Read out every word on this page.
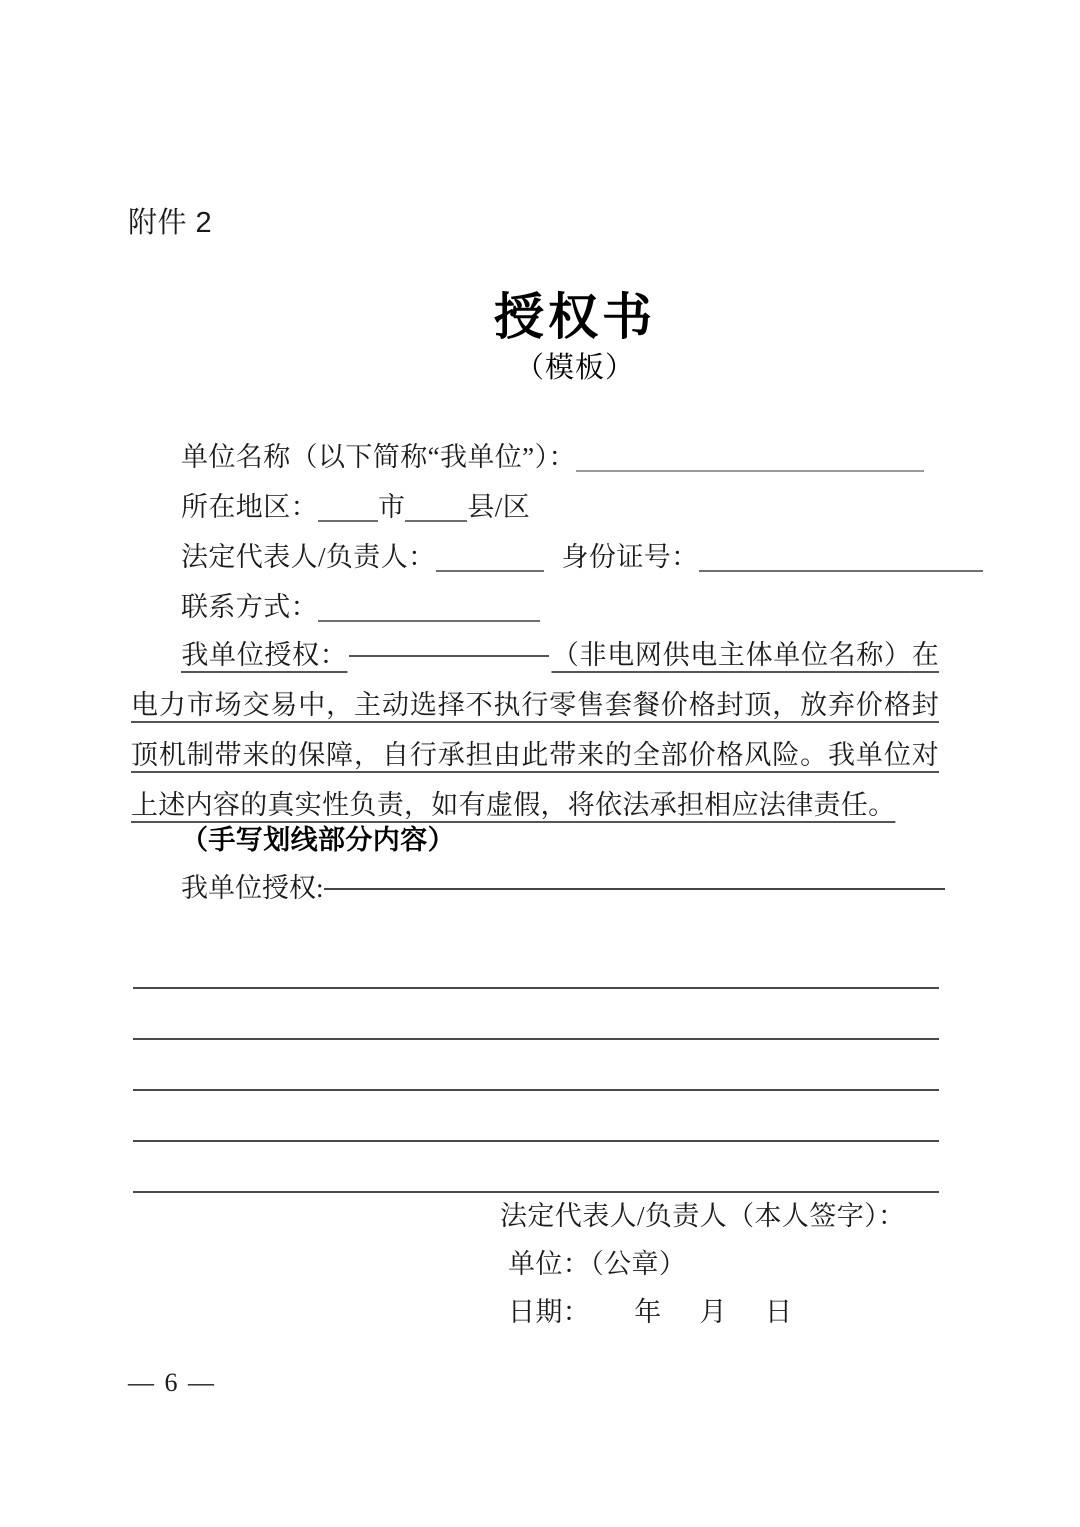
附件 2
授权书
（模板）
单位名称（以下简称“我单位”）：
所在地区： 市 县/区
法定代表人/负责人：	身份证号：
联系方式：
我单位授权：	（非电网供电主体单位名称）在电力市场交易中，主动选择不执行零售套餐价格封顶，放弃价格封顶机制带来的保障，自行承担由此带来的全部价格风险。我单位对上述内容的真实性负责，如有虚假，将依法承担相应法律责任。
（手写划线部分内容）
我单位授权:
法定代表人/负责人（本人签字）：
单位：（公章）
日期： 年 月 日
— 6 —
